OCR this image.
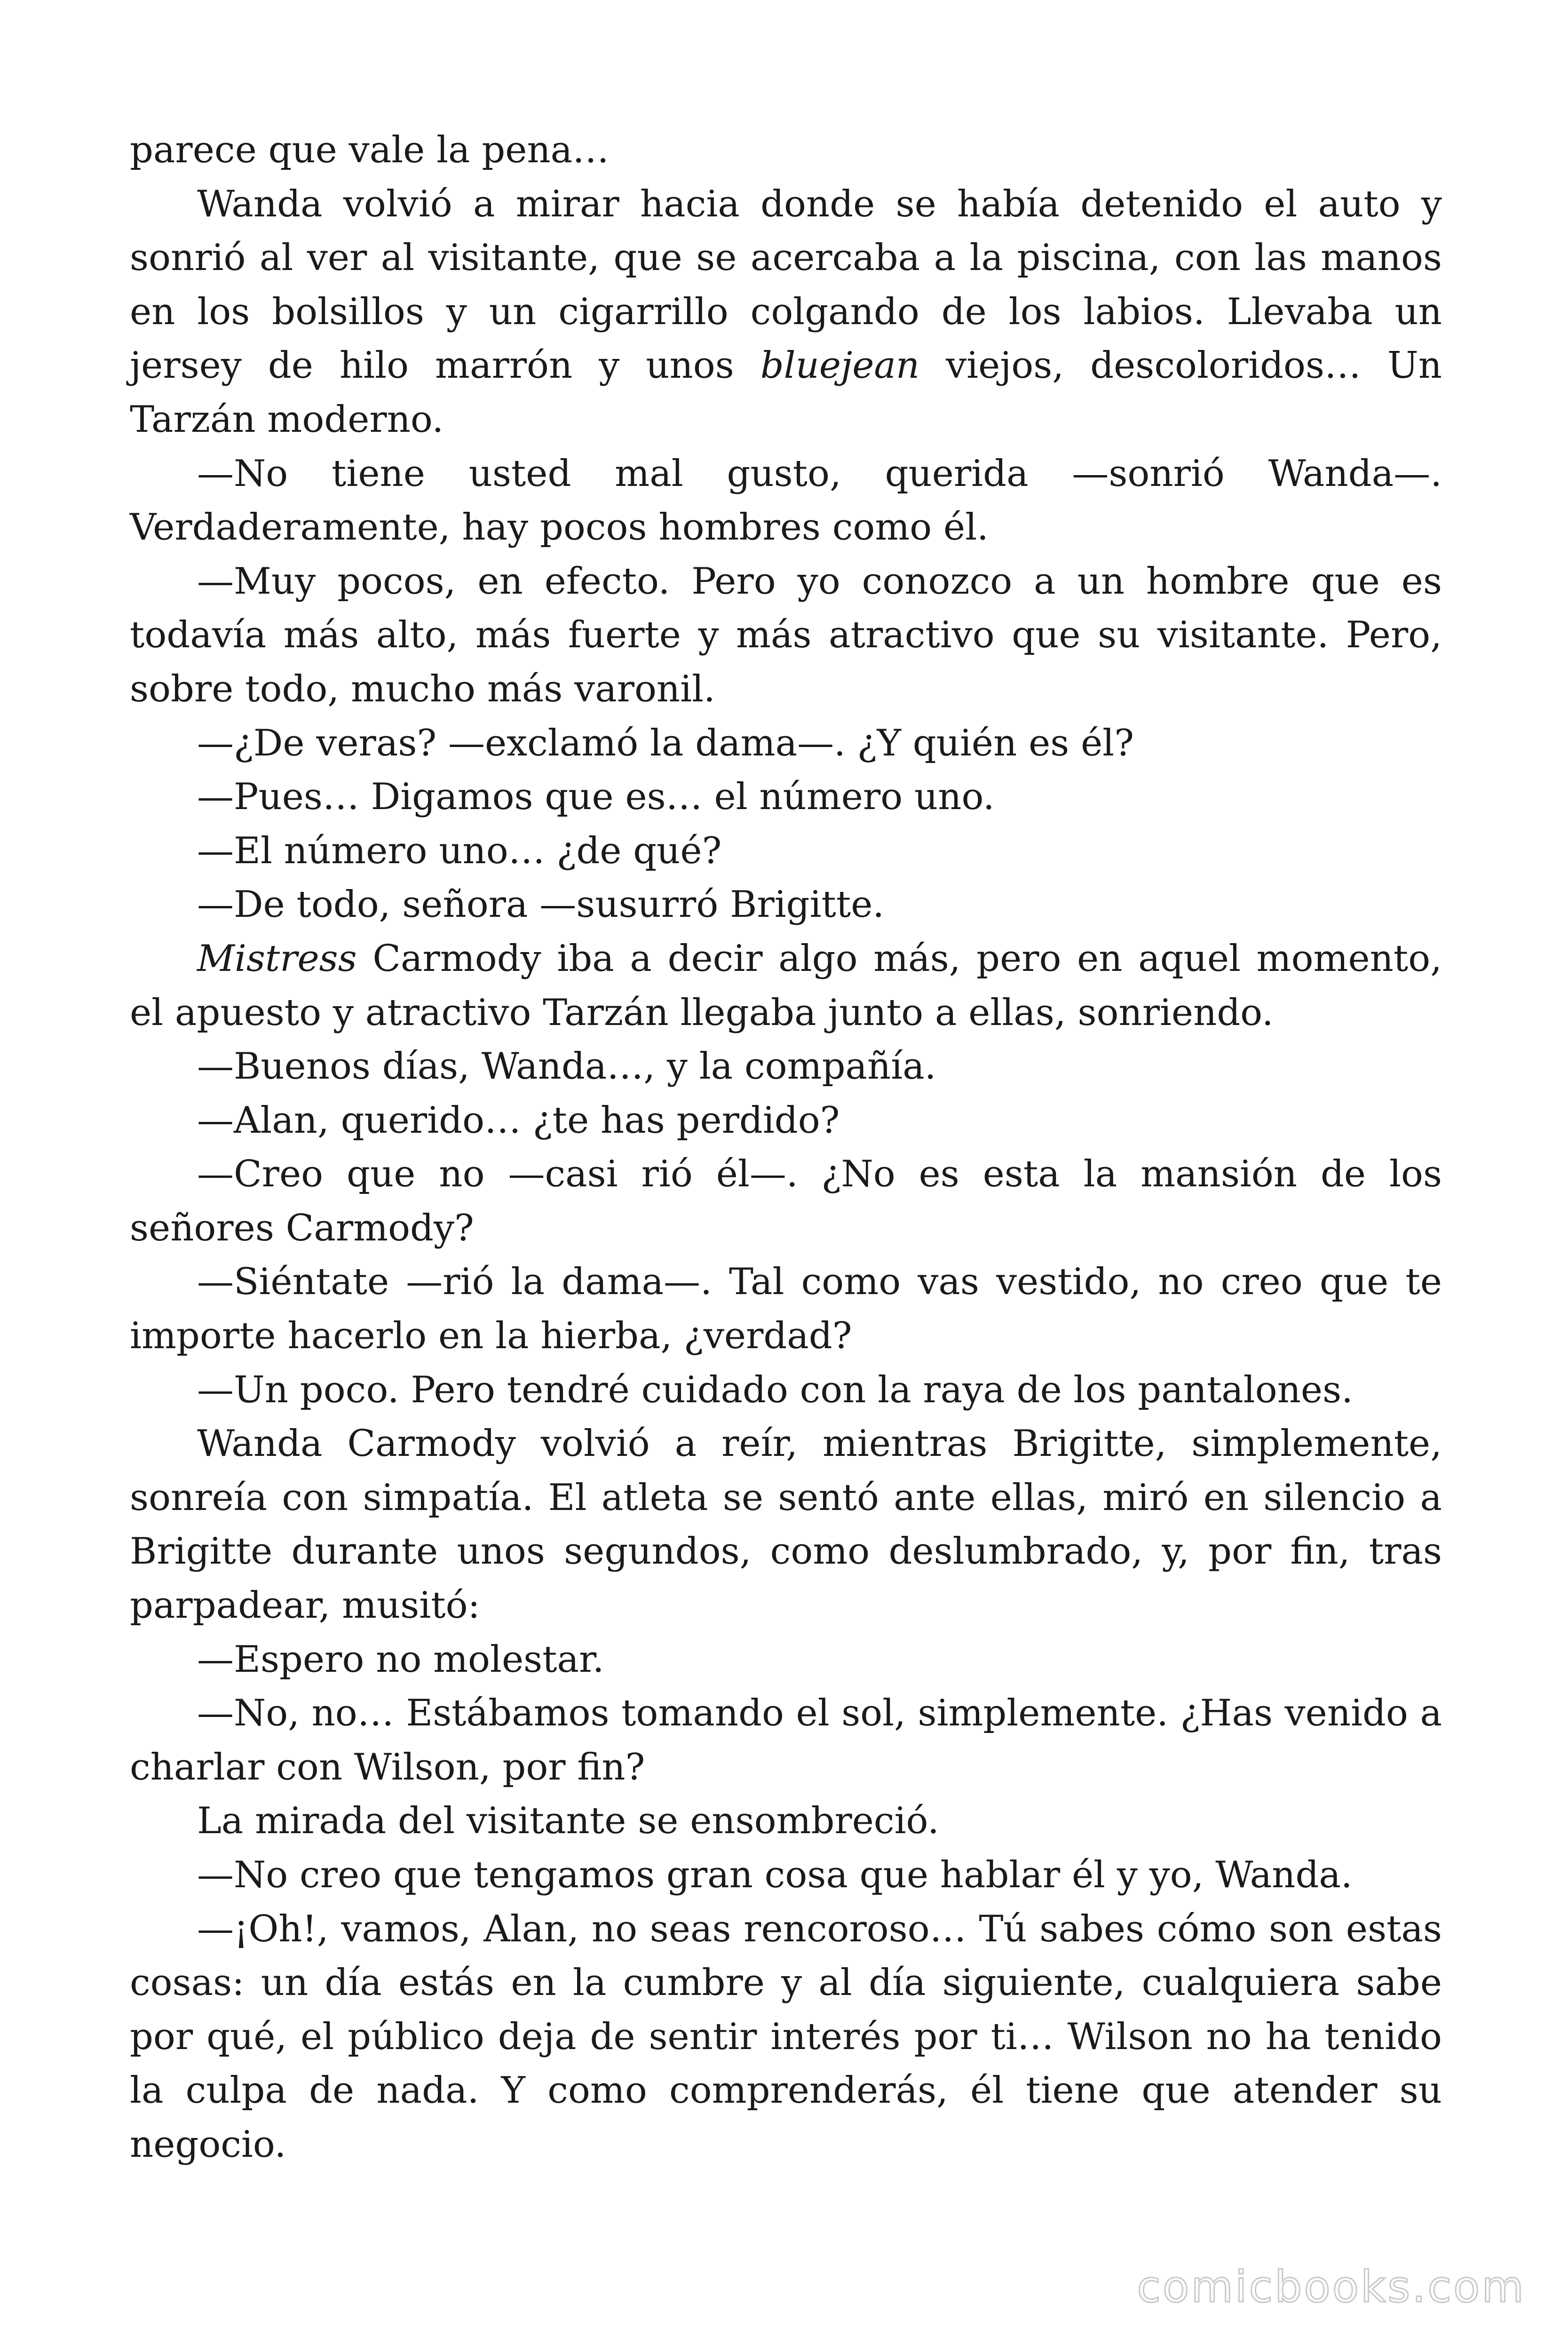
parece que vale la pena…

Wanda volvió a mirar hacia donde se había detenido el auto y sonrió al ver al visitante, que se acercaba a la piscina, con las manos en los bolsillos y un cigarrillo colgando de los labios. Llevaba un jersey de hilo marrón y unos bluejean viejos, descoloridos… Un Tarzán moderno.

—No tiene usted mal gusto, querida —sonrió Wanda—. Verdaderamente, hay pocos hombres como él.

—Muy pocos, en efecto. Pero yo conozco a un hombre que es todavía más alto, más fuerte y más atractivo que su visitante. Pero, sobre todo, mucho más varonil.

—¿De veras? —exclamó la dama—. ¿Y quién es él?

—Pues… Digamos que es… el número uno.

—El número uno… ¿de qué?

—De todo, señora —susurró Brigitte.

Mistress Carmody iba a decir algo más, pero en aquel momento, el apuesto y atractivo Tarzán llegaba junto a ellas, sonriendo.

—Buenos días, Wanda…, y la compañía.

—Alan, querido… ¿te has perdido?

—Creo que no —casi rió él—. ¿No es esta la mansión de los señores Carmody?

—Siéntate —rió la dama—. Tal como vas vestido, no creo que te importe hacerlo en la hierba, ¿verdad?

—Un poco. Pero tendré cuidado con la raya de los pantalones.

Wanda Carmody volvió a reír, mientras Brigitte, simplemente, sonreía con simpatía. El atleta se sentó ante ellas, miró en silencio a Brigitte durante unos segundos, como deslumbrado, y, por fin, tras parpadear, musitó:

—Espero no molestar.

—No, no… Estábamos tomando el sol, simplemente. ¿Has venido a charlar con Wilson, por fin?

La mirada del visitante se ensombreció.

—No creo que tengamos gran cosa que hablar él y yo, Wanda.

—¡Oh!, vamos, Alan, no seas rencoroso… Tú sabes cómo son estas cosas: un día estás en la cumbre y al día siguiente, cualquiera sabe por qué, el público deja de sentir interés por ti… Wilson no ha tenido la culpa de nada. Y como comprenderás, él tiene que atender su negocio.

comicbooks.com
